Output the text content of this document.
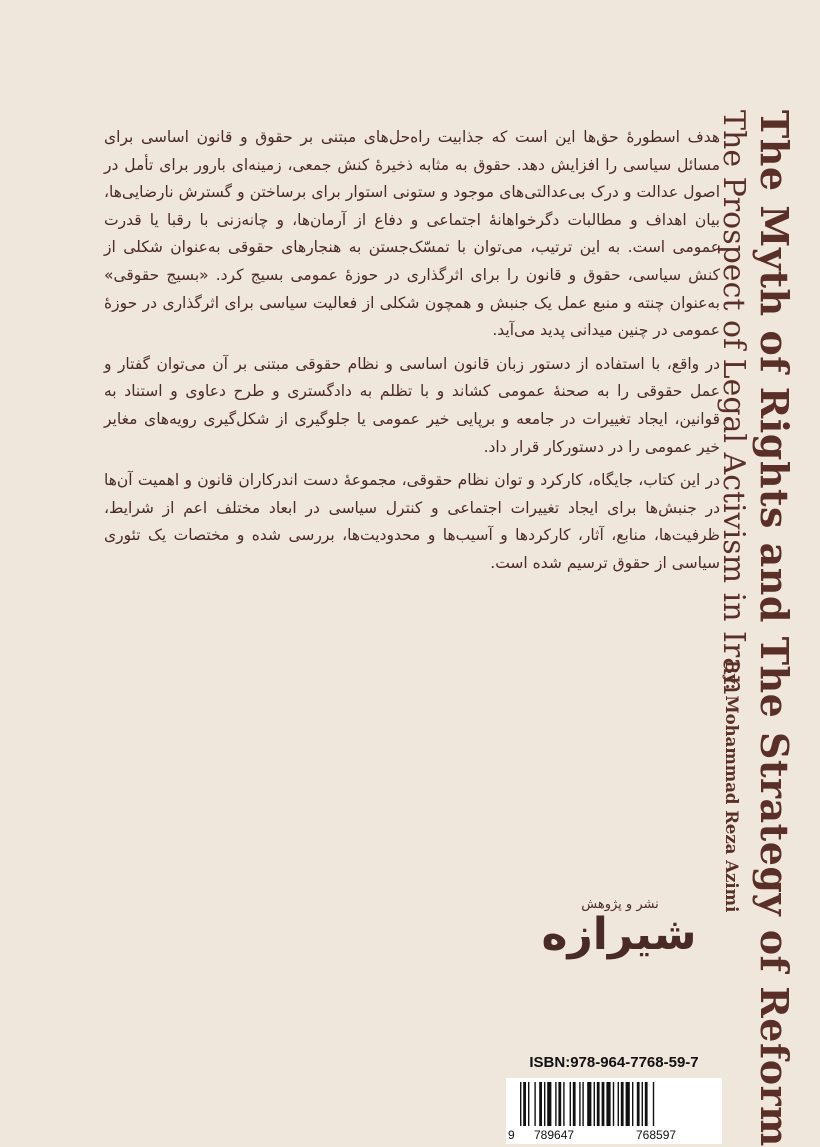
هدف اسطورهٔ حق‌ها این است که جذابیت راه‌حل‌های مبتنی بر حقوق و قانون اساسی برای مسائل سیاسی را افزایش دهد. حقوق به مثابه ذخیرهٔ کنش جمعی، زمینه‌ای بارور برای تأمل در اصول عدالت و درک بی‌عدالتی‌های موجود و ستونی استوار برای برساختن و گسترش نارضایی‌ها، بیان اهداف و مطالبات دگرخواهانهٔ اجتماعی و دفاع از آرمان‌ها، و چانه‌زنی با رقبا یا قدرت عمومی است. به این ترتیب، می‌توان با تمسّک‌جستن به هنجارهای حقوقی به‌عنوان شکلی از کنش سیاسی، حقوق و قانون را برای اثرگذاری در حوزهٔ عمومی بسیج کرد. «بسیج حقوقی» به‌عنوان چنته و منبع عمل یک جنبش و همچون شکلی از فعالیت سیاسی برای اثرگذاری در حوزهٔ عمومی در چنین میدانی پدید می‌آید.

در واقع، با استفاده از دستور زبان قانون اساسی و نظام حقوقی مبتنی بر آن می‌توان گفتار و عمل حقوقی را به صحنهٔ عمومی کشاند و با تظلم به دادگستری و طرح دعاوی و استناد به قوانین، ایجاد تغییرات در جامعه و برپایی خیر عمومی یا جلوگیری از شکل‌گیری رویه‌های مغایر خیر عمومی را در دستورکار قرار داد.

در این کتاب، جایگاه، کارکرد و توان نظام حقوقی، مجموعهٔ دست اندرکاران قانون و اهمیت آن‌ها در جنبش‌ها برای ایجاد تغییرات اجتماعی و کنترل سیاسی در ابعاد مختلف اعم از شرایط، ظرفیت‌ها، منابع، آثار، کارکردها و آسیب‌ها و محدودیت‌ها، بررسی شده و مختصات یک تئوری سیاسی از حقوق ترسیم شده است. The Myth of Rights and The Strategy of Reform
The Prospect of Legal Activism in Iran
By: Mohammad Reza Azimi
نشر و پژوهش
شیرازه
ISBN:978-964-7768-59-7
9 789647	768597
